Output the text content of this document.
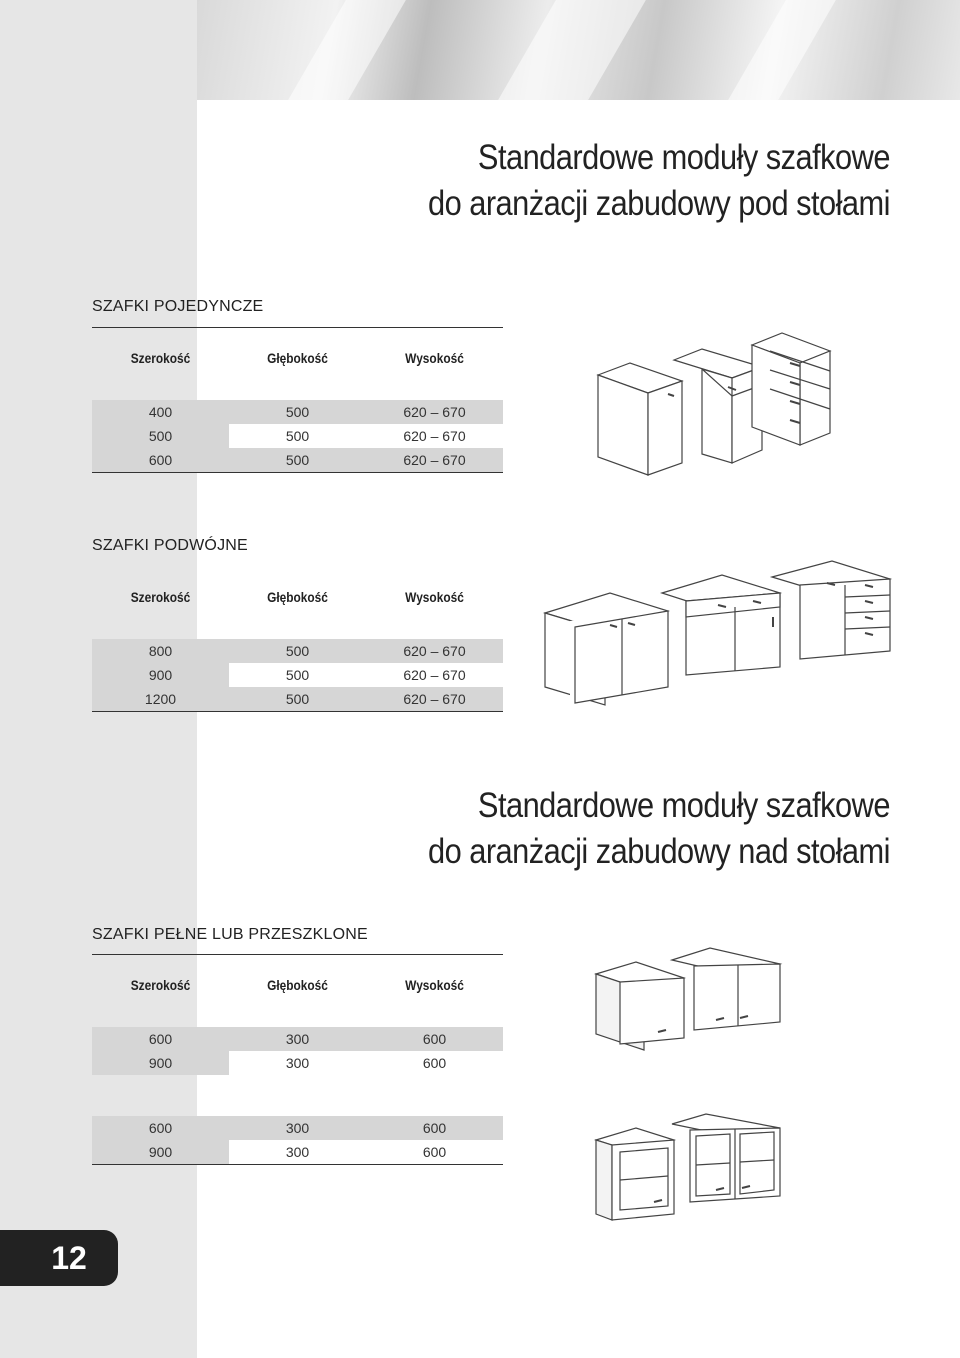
Standardowe moduły szafkowe
do aranżacji zabudowy pod stołami
SZAFKI POJEDYNCZE
Szerokość	Głębokość	Wysokość
400	500	620 – 670
500	500	620 – 670
600	500	620 – 670
SZAFKI PODWÓJNE
Szerokość	Głębokość	Wysokość
800	500	620 – 670
900	500	620 – 670
1200	500	620 – 670
Standardowe moduły szafkowe
do aranżacji zabudowy nad stołami
SZAFKI PEŁNE LUB PRZESZKLONE
Szerokość	Głębokość	Wysokość
600	300	600
900	300	600
600	300	600
900	300	600
12
